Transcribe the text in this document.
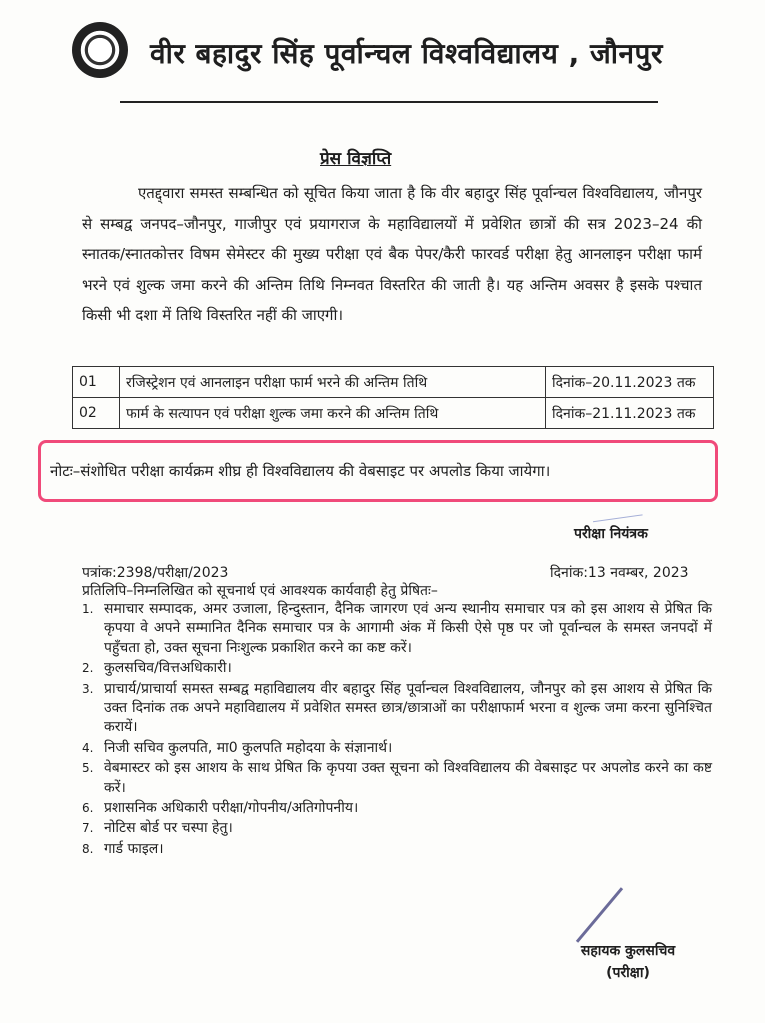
वीर बहादुर सिंह पूर्वान्चल विश्वविद्यालय , जौनपुर
प्रेस विज्ञप्ति
एतद्द्वारा समस्त सम्बन्धित को सूचित किया जाता है कि वीर बहादुर सिंह पूर्वान्चल विश्वविद्यालय, जौनपुर से सम्बद्व जनपद–जौनपुर, गाजीपुर एवं प्रयागराज के महाविद्यालयों में प्रवेशित छात्रों की सत्र 2023–24 की स्नातक/स्नातकोत्तर विषम सेमेस्टर की मुख्य परीक्षा एवं बैक पेपर/कैरी फारवर्ड परीक्षा हेतु आनलाइन परीक्षा फार्म भरने एवं शुल्क जमा करने की अन्तिम तिथि निम्नवत विस्तरित की जाती है। यह अन्तिम अवसर है इसके पश्चात किसी भी दशा में तिथि विस्तरित नहीं की जाएगी।
01	रजिस्ट्रेशन एवं आनलाइन परीक्षा फार्म भरने की अन्तिम तिथि	दिनांक–20.11.2023 तक
02	फार्म के सत्यापन एवं परीक्षा शुल्क जमा करने की अन्तिम तिथि	दिनांक–21.11.2023 तक
नोटः–संशोधित परीक्षा कार्यक्रम शीघ्र ही विश्वविद्यालय की वेबसाइट पर अपलोड किया जायेगा।
परीक्षा नियंत्रक
पत्रांक:2398/परीक्षा/2023	दिनांक:13 नवम्बर, 2023
प्रतिलिपि–निम्नलिखित को सूचनार्थ एवं आवश्यक कार्यवाही हेतु प्रेषितः–
1. समाचार सम्पादक, अमर उजाला, हिन्दुस्तान, दैनिक जागरण एवं अन्य स्थानीय समाचार पत्र को इस आशय से प्रेषित कि कृपया वे अपने सम्मानित दैनिक समाचार पत्र के आगामी अंक में किसी ऐसे पृष्ठ पर जो पूर्वान्चल के समस्त जनपदों में पहुँचता हो, उक्त सूचना निःशुल्क प्रकाशित करने का कष्ट करें।
2. कुलसचिव/वित्तअधिकारी।
3. प्राचार्य/प्राचार्या समस्त सम्बद्व महाविद्यालय वीर बहादुर सिंह पूर्वान्चल विश्वविद्यालय, जौनपुर को इस आशय से प्रेषित कि उक्त दिनांक तक अपने महाविद्यालय में प्रवेशित समस्त छात्र/छात्राओं का परीक्षाफार्म भरना व शुल्क जमा करना सुनिश्चित करायें।
4. निजी सचिव कुलपति, मा0 कुलपति महोदया के संज्ञानार्थ।
5. वेबमास्टर को इस आशय के साथ प्रेषित कि कृपया उक्त सूचना को विश्वविद्यालय की वेबसाइट पर अपलोड करने का कष्ट करें।
6. प्रशासनिक अधिकारी परीक्षा/गोपनीय/अतिगोपनीय।
7. नोटिस बोर्ड पर चस्पा हेतु।
8. गार्ड फाइल।
सहायक कुलसचिव
(परीक्षा)
